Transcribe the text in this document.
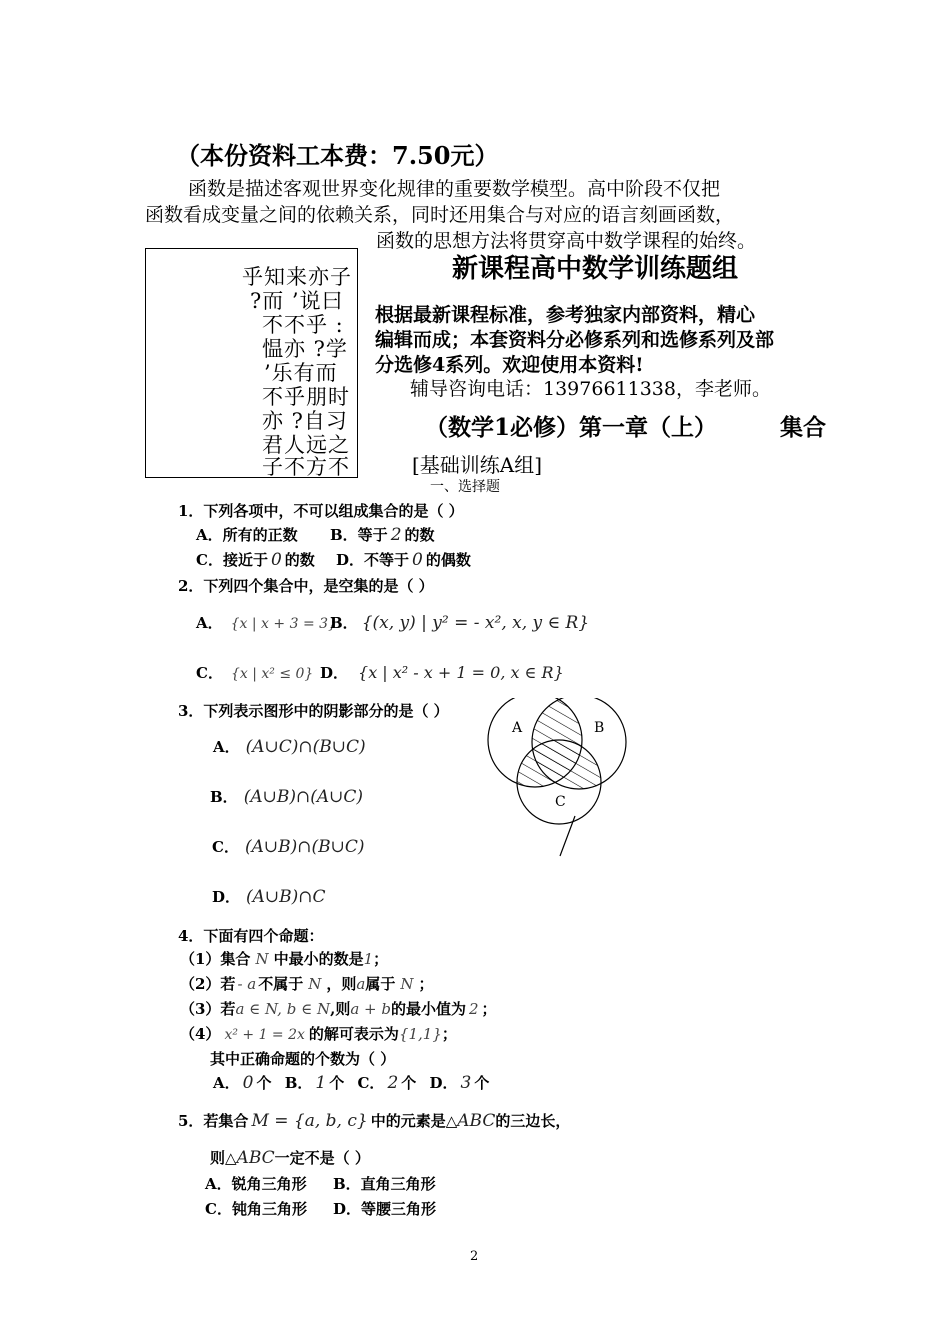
（本份资料工本费：7.50元）
函数是描述客观世界变化规律的重要数学模型。高中阶段不仅把
函数看成变量之间的依赖关系，同时还用集合与对应的语言刻画函数，
函数的思想方法将贯穿高中数学课程的始终。
乎知来亦子
?而 ’说曰
不不乎 :
愠亦 ?学
’乐有而
不乎朋时
亦 ?自习
君人远之
子不方不
新课程高中数学训练题组
根据最新课程标准，参考独家内部资料，精心
编辑而成；本套资料分必修系列和选修系列及部
分选修4系列。欢迎使用本资料!
辅导咨询电话：13976611338，李老师。
（数学1必修）第一章（上）	集合
[基础训练A组]
一、选择题
1．下列各项中，不可以组成集合的是（ ）
A．所有的正数 B．等于 2 的数
C．接近于 0 的数 D．不等于 0 的偶数
2．下列四个集合中，是空集的是（ ）
A． {x | x + 3 = 3}
B． {(x, y) | y² = - x², x, y ∈ R}
C． {x | x² ≤ 0} D． {x | x² - x + 1 = 0, x ∈ R}
3．下列表示图形中的阴影部分的是（ ）
A． (A∪C)∩(B∪C)
B． (A∪B)∩(A∪C)
C． (A∪B)∩(B∪C)
D． (A∪B)∩C
A	B
C
4．下面有四个命题：
（1）集合 N 中最小的数是1；
（2）若 - a 不属于 N ，则a属于 N ；
（3）若a ∈ N, b ∈ N,则a + b的最小值为 2 ；
（4） x² + 1 = 2x 的解可表示为{1,1}；
其中正确命题的个数为（ ）
A． 0 个 B． 1 个 C． 2 个 D． 3 个
5．若集合 M = {a, b, c} 中的元素是△ABC的三边长，
则△ABC一定不是（ ）
A．锐角三角形 B．直角三角形
C．钝角三角形 D．等腰三角形
2
